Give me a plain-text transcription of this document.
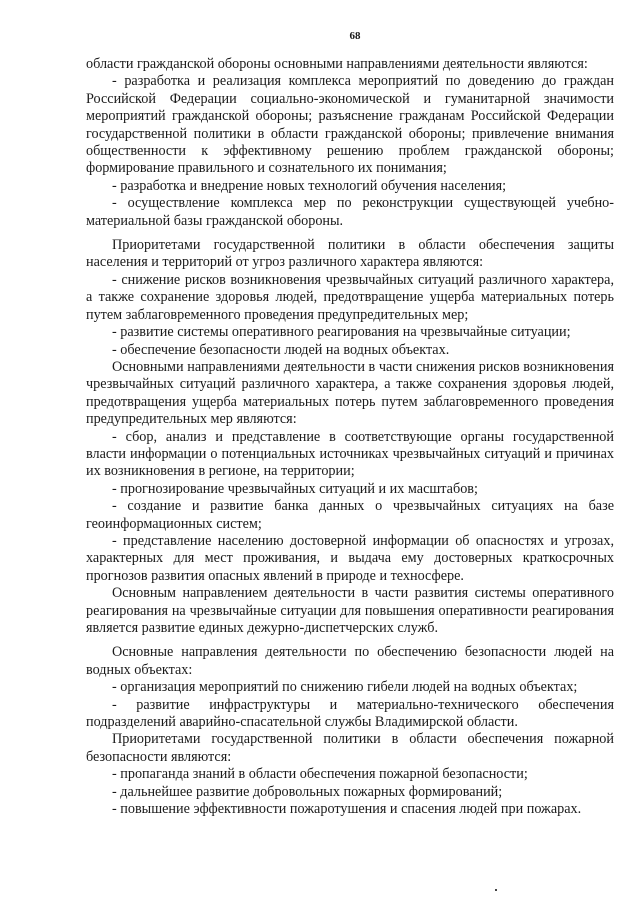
68

области гражданской обороны основными направлениями деятельности являются:

- разработка и реализация комплекса мероприятий по доведению до граждан Российской Федерации социально-экономической и гуманитарной значимости мероприятий гражданской обороны; разъяснение гражданам Российской Федерации государственной политики в области гражданской обороны; привлечение внимания общественности к эффективному решению проблем гражданской обороны; формирование правильного и сознательного их понимания;

- разработка и внедрение новых технологий обучения населения;

- осуществление комплекса мер по реконструкции существующей учебно-материальной базы гражданской обороны.

Приоритетами государственной политики в области обеспечения защиты населения и территорий от угроз различного характера являются:

- снижение рисков возникновения чрезвычайных ситуаций различного характера, а также сохранение здоровья людей, предотвращение ущерба материальных потерь путем заблаговременного проведения предупредительных мер;

- развитие системы оперативного реагирования на чрезвычайные ситуации;

- обеспечение безопасности людей на водных объектах.

Основными направлениями деятельности в части снижения рисков возникновения чрезвычайных ситуаций различного характера, а также сохранения здоровья людей, предотвращения ущерба материальных потерь путем заблаговременного проведения предупредительных мер являются:

- сбор, анализ и представление в соответствующие органы государственной власти информации о потенциальных источниках чрезвычайных ситуаций и причинах их возникновения в регионе, на территории;

- прогнозирование чрезвычайных ситуаций и их масштабов;

- создание и развитие банка данных о чрезвычайных ситуациях на базе геоинформационных систем;

- представление населению достоверной информации об опасностях и угрозах, характерных для мест проживания, и выдача ему достоверных краткосрочных прогнозов развития опасных явлений в природе и техносфере.

Основным направлением деятельности в части развития системы оперативного реагирования на чрезвычайные ситуации для повышения оперативности реагирования является развитие единых дежурно-диспетчерских служб.

Основные направления деятельности по обеспечению безопасности людей на водных объектах:

- организация мероприятий по снижению гибели людей на водных объектах;

- развитие инфраструктуры и материально-технического обеспечения подразделений аварийно-спасательной службы Владимирской области.

Приоритетами государственной политики в области обеспечения пожарной безопасности являются:

- пропаганда знаний в области обеспечения пожарной безопасности;

- дальнейшее развитие добровольных пожарных формирований;

- повышение эффективности пожаротушения и спасения людей при пожарах.
